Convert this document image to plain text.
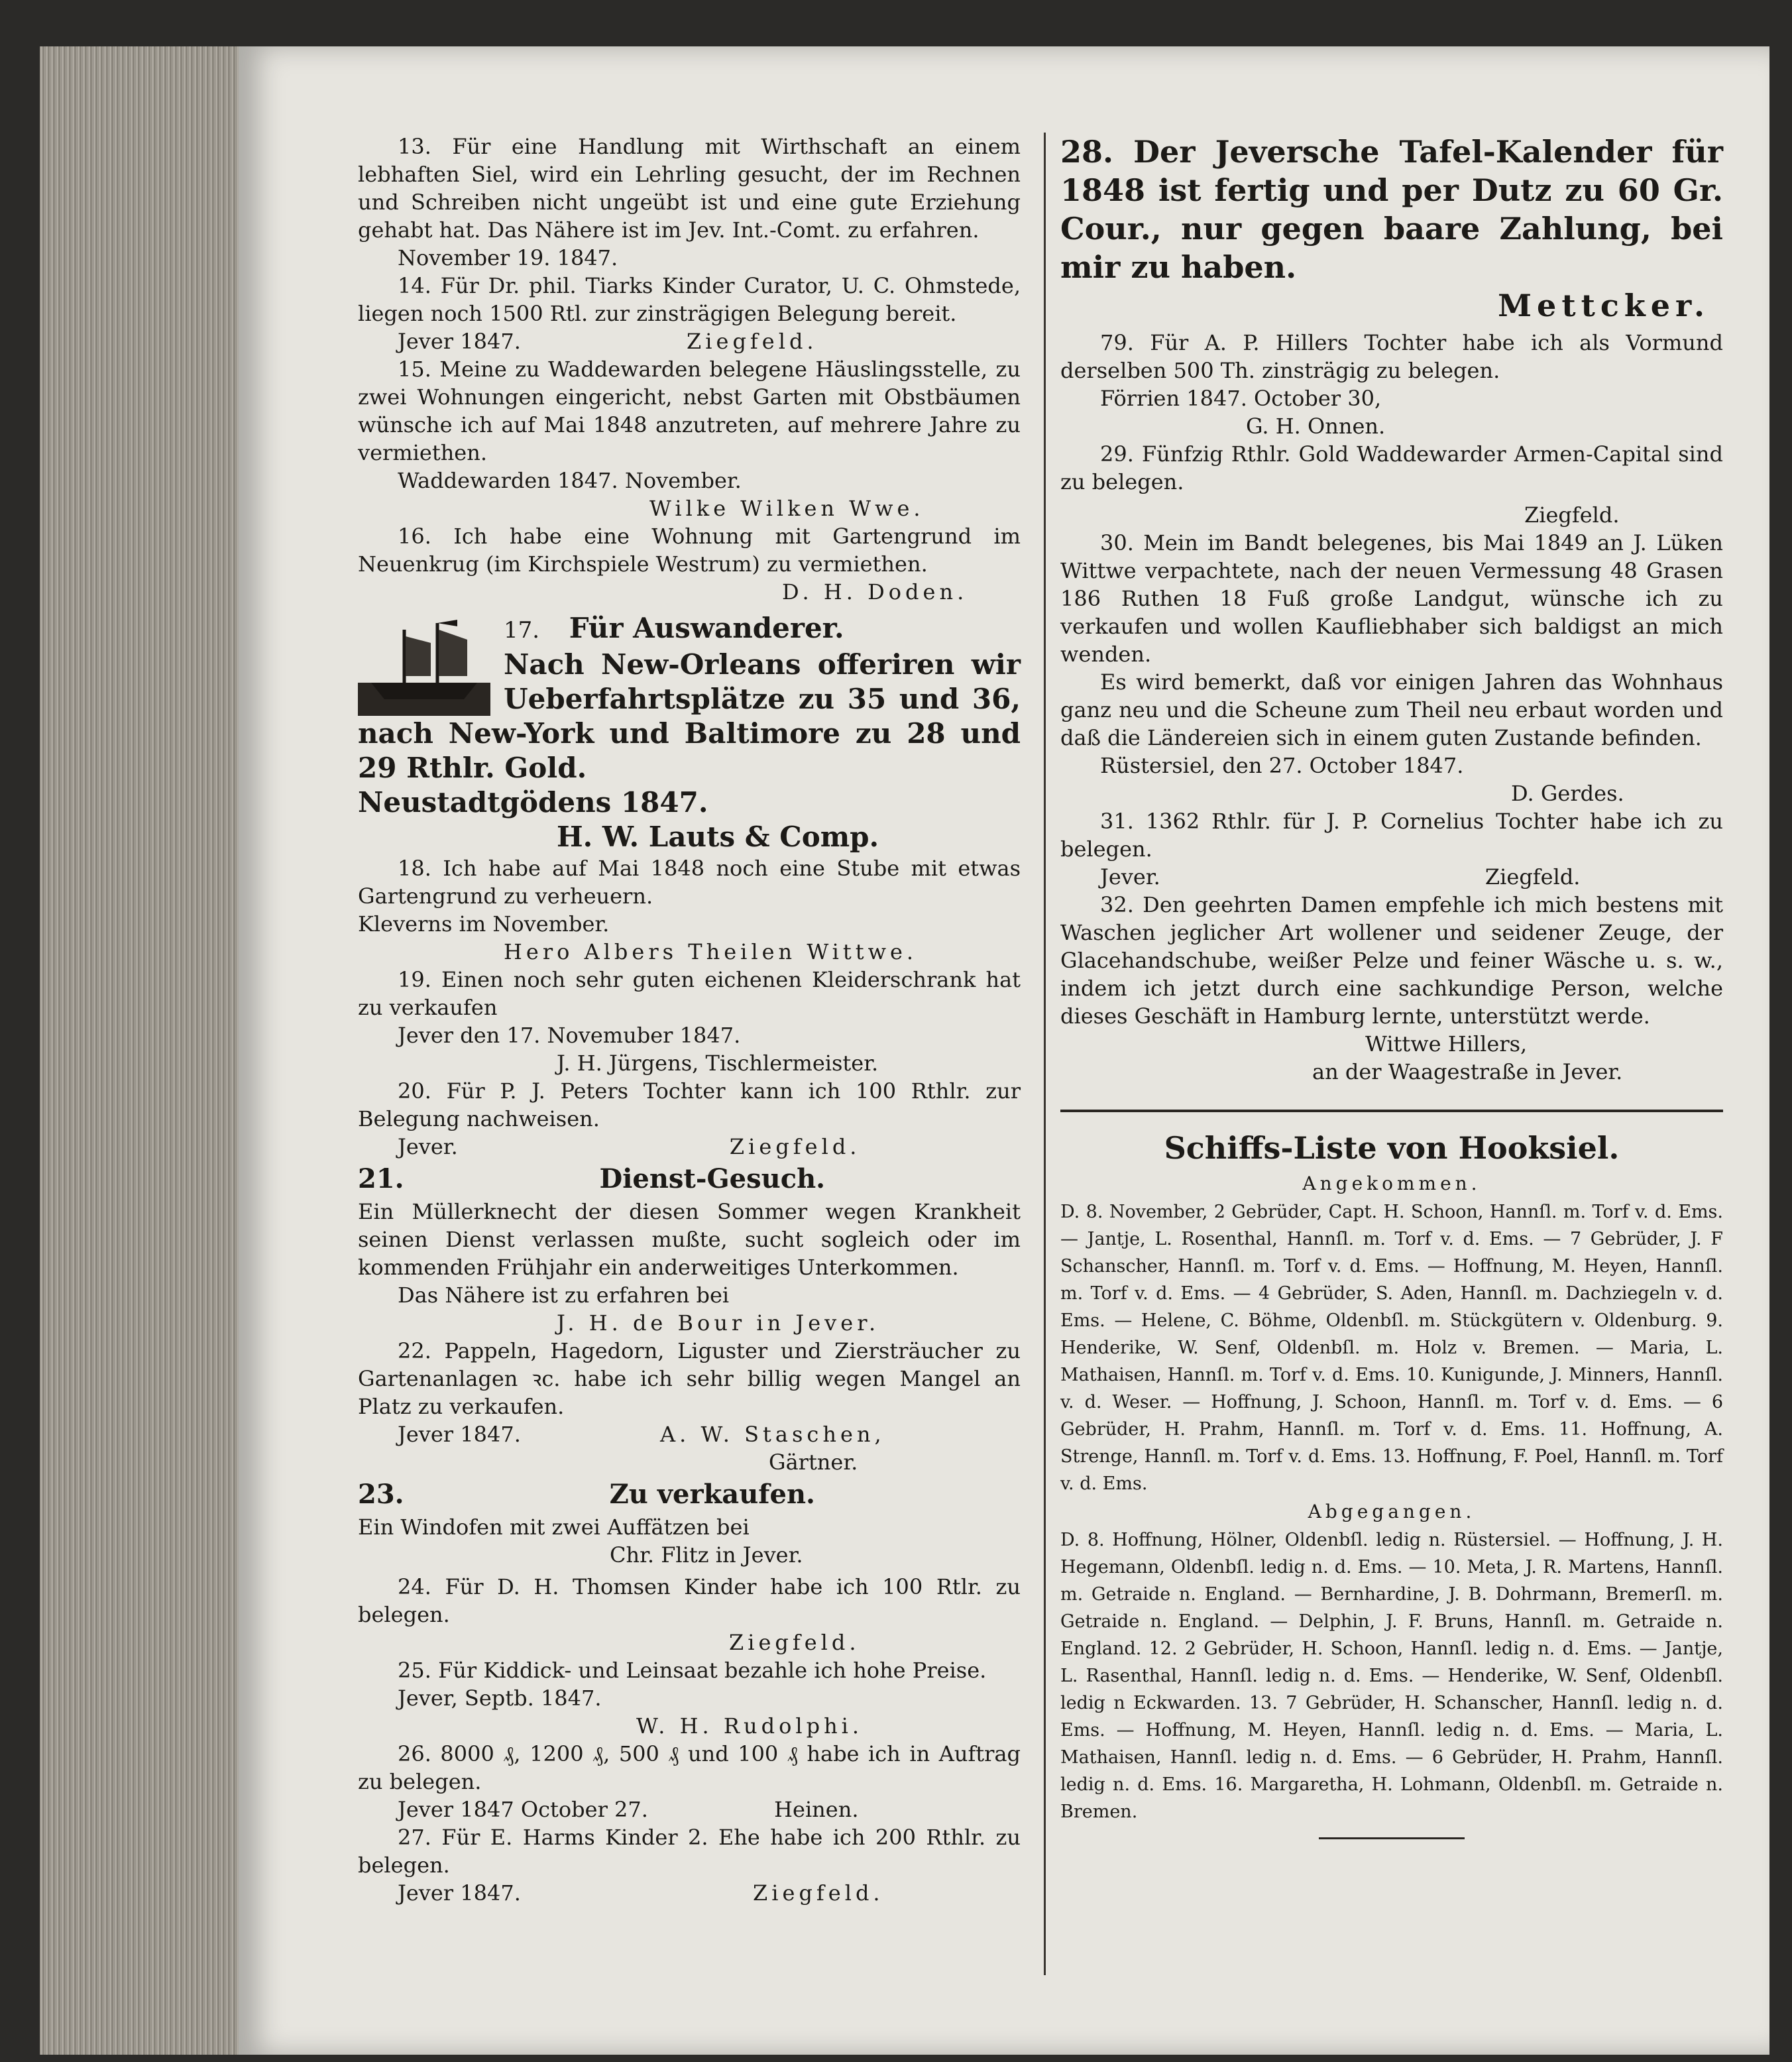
13. Für eine Handlung mit Wirthschaft an einem lebhaften Siel, wird ein Lehrling gesucht, der im Rechnen und Schreiben nicht ungeübt ist und eine gute Erziehung gehabt hat. Das Nähere ist im Jev. Int.-Comt. zu erfahren.

November 19. 1847.

14. Für Dr. phil. Tiarks Kinder Curator, U. C. Ohmstede, liegen noch 1500 Rtl. zur zinsträgigen Belegung bereit.

Jever 1847.	Ziegfeld.

15. Meine zu Waddewarden belegene Häuslingsstelle, zu zwei Wohnungen eingericht, nebst Garten mit Obstbäumen wünsche ich auf Mai 1848 anzutreten, auf mehrere Jahre zu vermiethen.

Waddewarden 1847. November.

Wilke Wilken Wwe.

16. Ich habe eine Wohnung mit Gartengrund im Neuenkrug (im Kirchspiele Westrum) zu vermiethen.

D. H. Doden.

17. Für Auswanderer.

Nach New-Orleans offeriren wir Ueberfahrtsplätze zu 35 und 36, nach New-York und Baltimore zu 28 und 29 Rthlr. Gold.

Neustadtgödens 1847.

H. W. Lauts & Comp.

18. Ich habe auf Mai 1848 noch eine Stube mit etwas Gartengrund zu verheuern.

Kleverns im November.

Hero Albers Theilen Wittwe.

19. Einen noch sehr guten eichenen Kleiderschrank hat zu verkaufen

Jever den 17. Novemuber 1847.

J. H. Jürgens, Tischlermeister.

20. Für P. J. Peters Tochter kann ich 100 Rthlr. zur Belegung nachweisen.

Jever.	Ziegfeld.

21.	Dienst-Gesuch.

Ein Müllerknecht der diesen Sommer wegen Krankheit seinen Dienst verlassen mußte, sucht sogleich oder im kommenden Frühjahr ein anderweitiges Unterkommen.

Das Nähere ist zu erfahren bei

J. H. de Bour in Jever.

22. Pappeln, Hagedorn, Liguster und Ziersträucher zu Gartenanlagen ꝛc. habe ich sehr billig wegen Mangel an Platz zu verkaufen.

Jever 1847.	A. W. Staschen,

Gärtner.

23.	Zu verkaufen.

Ein Windofen mit zwei Auffätzen bei

Chr. Flitz in Jever.

24. Für D. H. Thomsen Kinder habe ich 100 Rtlr. zu belegen.

Ziegfeld.

25. Für Kiddick- und Leinsaat bezahle ich hohe Preise.

Jever, Septb. 1847.

W. H. Rudolphi.

26. 8000 ₰, 1200 ₰, 500 ₰ und 100 ₰ habe ich in Auftrag zu belegen.

Jever 1847 October 27.	Heinen.

27. Für E. Harms Kinder 2. Ehe habe ich 200 Rthlr. zu belegen.

Jever 1847.	Ziegfeld.

28. Der Jeversche Tafel-Kalender für 1848 ist fertig und per Dutz zu 60 Gr. Cour., nur gegen baare Zahlung, bei mir zu haben.

Mettcker.

79. Für A. P. Hillers Tochter habe ich als Vormund derselben 500 Th. zinsträgig zu belegen.

Förrien 1847. October 30,

G. H. Onnen.

29. Fünfzig Rthlr. Gold Waddewarder Armen-Capital sind zu belegen.

Ziegfeld.

30. Mein im Bandt belegenes, bis Mai 1849 an J. Lüken Wittwe verpachtete, nach der neuen Vermessung 48 Grasen 186 Ruthen 18 Fuß große Landgut, wünsche ich zu verkaufen und wollen Kaufliebhaber sich baldigst an mich wenden.

Es wird bemerkt, daß vor einigen Jahren das Wohnhaus ganz neu und die Scheune zum Theil neu erbaut worden und daß die Ländereien sich in einem guten Zustande befinden.

Rüstersiel, den 27. October 1847.

D. Gerdes.

31. 1362 Rthlr. für J. P. Cornelius Tochter habe ich zu belegen.

Jever.	Ziegfeld.

32. Den geehrten Damen empfehle ich mich bestens mit Waschen jeglicher Art wollener und seidener Zeuge, der Glacehandschube, weißer Pelze und feiner Wäsche u. s. w., indem ich jetzt durch eine sachkundige Person, welche dieses Geschäft in Hamburg lernte, unterstützt werde.

Wittwe Hillers,

an der Waagestraße in Jever.

Schiffs-Liste von Hooksiel.

Angekommen.

D. 8. November, 2 Gebrüder, Capt. H. Schoon, Hannſl. m. Torf v. d. Ems. — Jantje, L. Rosenthal, Hannſl. m. Torf v. d. Ems. — 7 Gebrüder, J. F Schanscher, Hannſl. m. Torf v. d. Ems. — Hoffnung, M. Heyen, Hannſl. m. Torf v. d. Ems. — 4 Gebrüder, S. Aden, Hannſl. m. Dachziegeln v. d. Ems. — Helene, C. Böhme, Oldenbſl. m. Stückgütern v. Oldenburg. 9. Henderike, W. Senf, Oldenbſl. m. Holz v. Bremen. — Maria, L. Mathaisen, Hannſl. m. Torf v. d. Ems. 10. Kunigunde, J. Minners, Hannſl. v. d. Weser. — Hoffnung, J. Schoon, Hannſl. m. Torf v. d. Ems. — 6 Gebrüder, H. Prahm, Hannſl. m. Torf v. d. Ems. 11. Hoffnung, A. Strenge, Hannſl. m. Torf v. d. Ems. 13. Hoffnung, F. Poel, Hannſl. m. Torf v. d. Ems.

Abgegangen.

D. 8. Hoffnung, Hölner, Oldenbſl. ledig n. Rüstersiel. — Hoffnung, J. H. Hegemann, Oldenbſl. ledig n. d. Ems. — 10. Meta, J. R. Martens, Hannſl. m. Getraide n. England. — Bernhardine, J. B. Dohrmann, Bremerſl. m. Getraide n. England. — Delphin, J. F. Bruns, Hannſl. m. Getraide n. England. 12. 2 Gebrüder, H. Schoon, Hannſl. ledig n. d. Ems. — Jantje, L. Rasenthal, Hannſl. ledig n. d. Ems. — Henderike, W. Senf, Oldenbſl. ledig n Eckwarden. 13. 7 Gebrüder, H. Schanscher, Hannſl. ledig n. d. Ems. — Hoffnung, M. Heyen, Hannſl. ledig n. d. Ems. — Maria, L. Mathaisen, Hannſl. ledig n. d. Ems. — 6 Gebrüder, H. Prahm, Hannſl. ledig n. d. Ems. 16. Margaretha, H. Lohmann, Oldenbſl. m. Getraide n. Bremen.
